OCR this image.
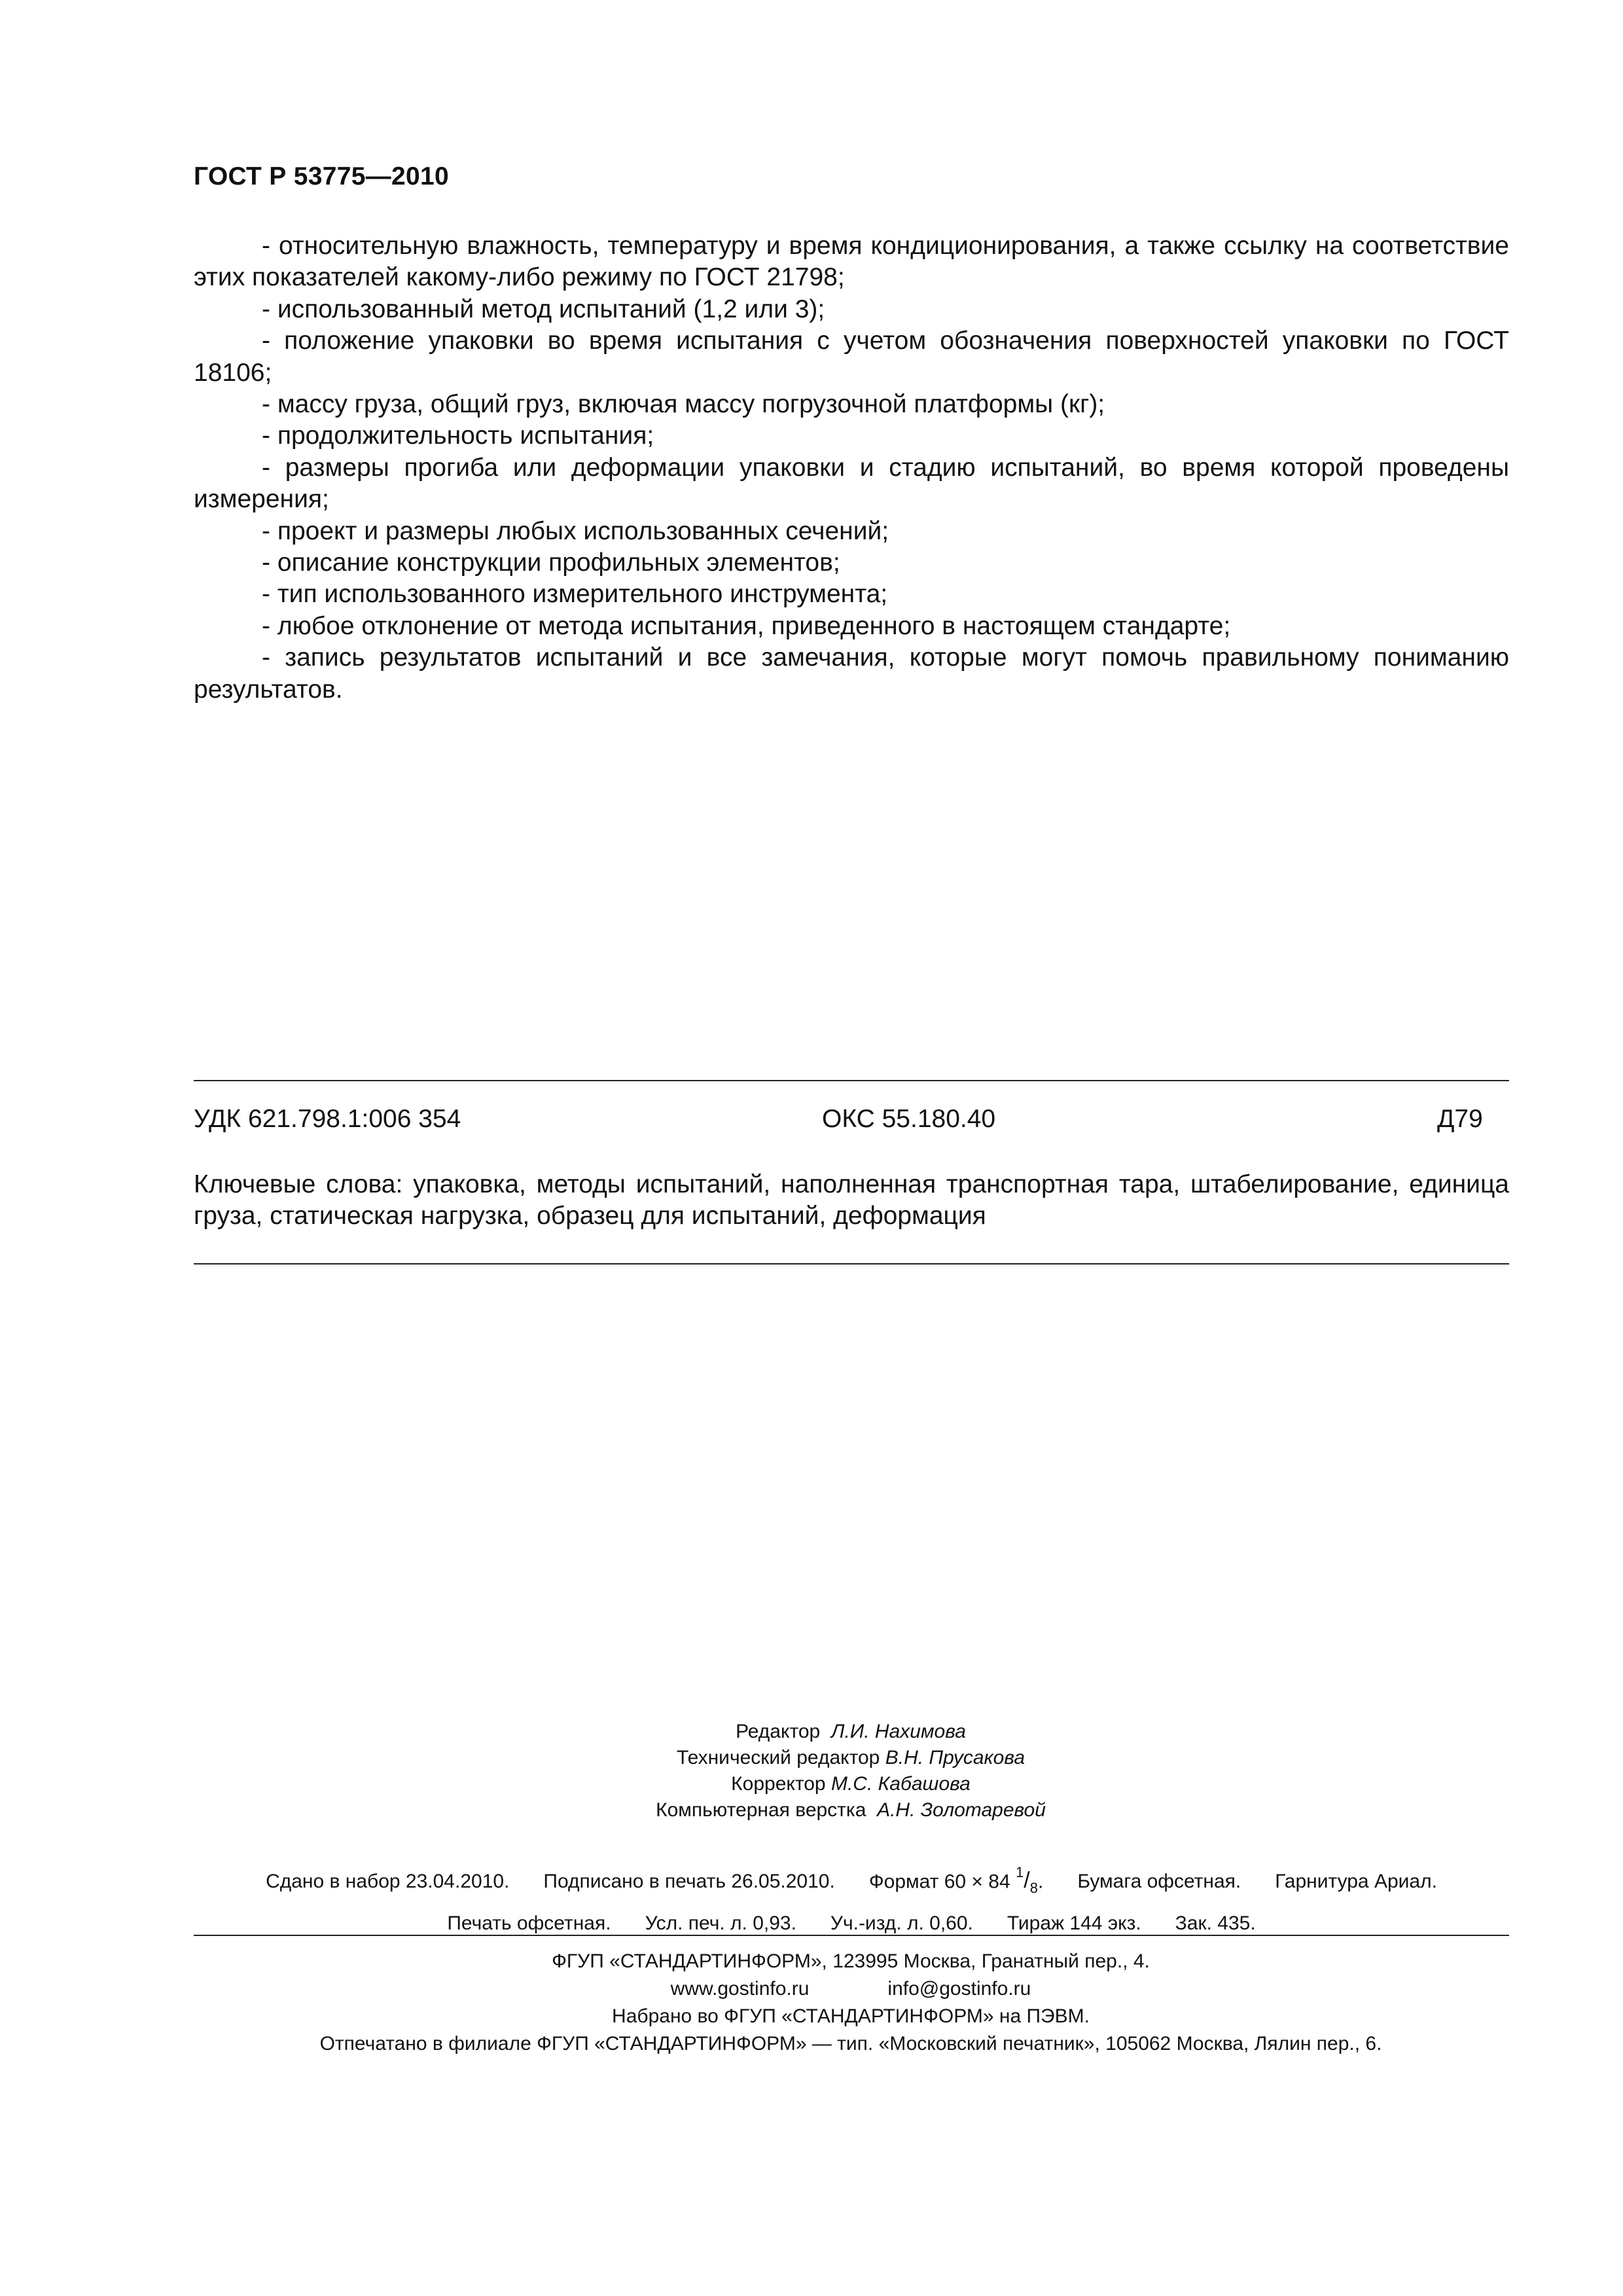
ГОСТ Р 53775—2010

- относительную влажность, температуру и время кондиционирования, а также ссылку на соответствие этих показателей какому-либо режиму по ГОСТ 21798;

- использованный метод испытаний (1,2 или 3);

- положение упаковки во время испытания с учетом обозначения поверхностей упаковки по ГОСТ 18106;

- массу груза, общий груз, включая массу погрузочной платформы (кг);

- продолжительность испытания;

- размеры прогиба или деформации упаковки и стадию испытаний, во время которой проведены измерения;

- проект и размеры любых использованных сечений;

- описание конструкции профильных элементов;

- тип использованного измерительного инструмента;

- любое отклонение от метода испытания, приведенного в настоящем стандарте;

- запись результатов испытаний и все замечания, которые могут помочь правильному пониманию результатов.

УДК 621.798.1:006 354	ОКС 55.180.40	Д79
Ключевые слова: упаковка, методы испытаний, наполненная транспортная тара, штабелирование, единица груза, статическая нагрузка, образец для испытаний, деформация
Редактор Л.И. Нахимова
Технический редактор В.Н. Прусакова
Корректор М.С. Кабашова
Компьютерная верстка А.Н. Золотаревой
Сдано в набор 23.04.2010. Подписано в печать 26.05.2010. Формат 60 × 84 $^1/_8$. Бумага офсетная. Гарнитура Ариал.
Печать офсетная. Усл. печ. л. 0,93. Уч.-изд. л. 0,60. Тираж 144 экз. Зак. 435.
ФГУП «СТАНДАРТИНФОРМ», 123995 Москва, Гранатный пер., 4.
www.gostinfo.ru	info@gostinfo.ru
Набрано во ФГУП «СТАНДАРТИНФОРМ» на ПЭВМ.
Отпечатано в филиале ФГУП «СТАНДАРТИНФОРМ» — тип. «Московский печатник», 105062 Москва, Лялин пер., 6.
